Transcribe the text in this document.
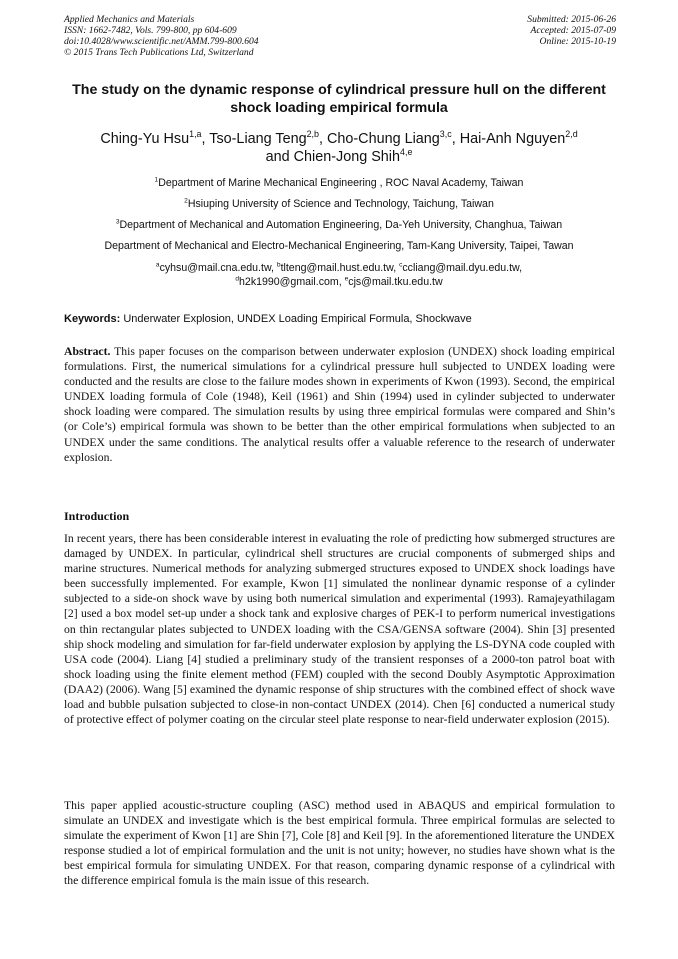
Applied Mechanics and Materials
ISSN: 1662-7482, Vols. 799-800, pp 604-609
doi:10.4028/www.scientific.net/AMM.799-800.604
© 2015 Trans Tech Publications Ltd, Switzerland
Submitted: 2015-06-26
Accepted: 2015-07-09
Online: 2015-10-19
The study on the dynamic response of cylindrical pressure hull on the different shock loading empirical formula
Ching-Yu Hsu$^{1,a}$, Tso-Liang Teng$^{2,b}$, Cho-Chung Liang$^{3,c}$, Hai-Anh Nguyen$^{2,d}$
and Chien-Jong Shih$^{4,e}$
$^1$Department of Marine Mechanical Engineering , ROC Naval Academy, Taiwan
$^2$Hsiuping University of Science and Technology, Taichung, Taiwan
$^3$Department of Mechanical and Automation Engineering, Da-Yeh University, Changhua, Taiwan
Department of Mechanical and Electro-Mechanical Engineering, Tam-Kang University, Taipei, Tawan
$^a$cyhsu@mail.cna.edu.tw, $^b$tlteng@mail.hust.edu.tw, $^c$ccliang@mail.dyu.edu.tw,
$^d$h2k1990@gmail.com, $^e$cjs@mail.tku.edu.tw
Keywords: Underwater Explosion, UNDEX Loading Empirical Formula, Shockwave
Abstract. This paper focuses on the comparison between underwater explosion (UNDEX) shock loading empirical formulations. First, the numerical simulations for a cylindrical pressure hull subjected to UNDEX loading were conducted and the results are close to the failure modes shown in experiments of Kwon (1993). Second, the empirical UNDEX loading formula of Cole (1948), Keil (1961) and Shin (1994) used in cylinder subjected to underwater shock loading were compared. The simulation results by using three empirical formulas were compared and Shin’s (or Cole’s) empirical formula was shown to be better than the other empirical formulations when subjected to an UNDEX under the same conditions. The analytical results offer a valuable reference to the research of underwater explosion.
Introduction
In recent years, there has been considerable interest in evaluating the role of predicting how submerged structures are damaged by UNDEX. In particular, cylindrical shell structures are crucial components of submerged ships and marine structures. Numerical methods for analyzing submerged structures exposed to UNDEX shock loadings have been successfully implemented. For example, Kwon [1] simulated the nonlinear dynamic response of a cylinder subjected to a side-on shock wave by using both numerical simulation and experimental (1993). Ramajeyathilagam [2] used a box model set-up under a shock tank and explosive charges of PEK-I to perform numerical investigations on thin rectangular plates subjected to UNDEX loading with the CSA/GENSA software (2004). Shin [3] presented ship shock modeling and simulation for far-field underwater explosion by applying the LS-DYNA code coupled with USA code (2004). Liang [4] studied a preliminary study of the transient responses of a 2000-ton patrol boat with shock loading using the finite element method (FEM) coupled with the second Doubly Asymptotic Approximation (DAA2) (2006). Wang [5] examined the dynamic response of ship structures with the combined effect of shock wave load and bubble pulsation subjected to close-in non-contact UNDEX (2014). Chen [6] conducted a numerical study of protective effect of polymer coating on the circular steel plate response to near-field underwater explosion (2015).
This paper applied acoustic-structure coupling (ASC) method used in ABAQUS and empirical formulation to simulate an UNDEX and investigate which is the best empirical formula. Three empirical formulas are selected to simulate the experiment of Kwon [1] are Shin [7], Cole [8] and Keil [9]. In the aforementioned literature the UNDEX response studied a lot of empirical formulation and the unit is not unity; however, no studies have shown what is the best empirical formula for simulating UNDEX. For that reason, comparing dynamic response of a cylindrical with the difference empirical fomula is the main issue of this research.
